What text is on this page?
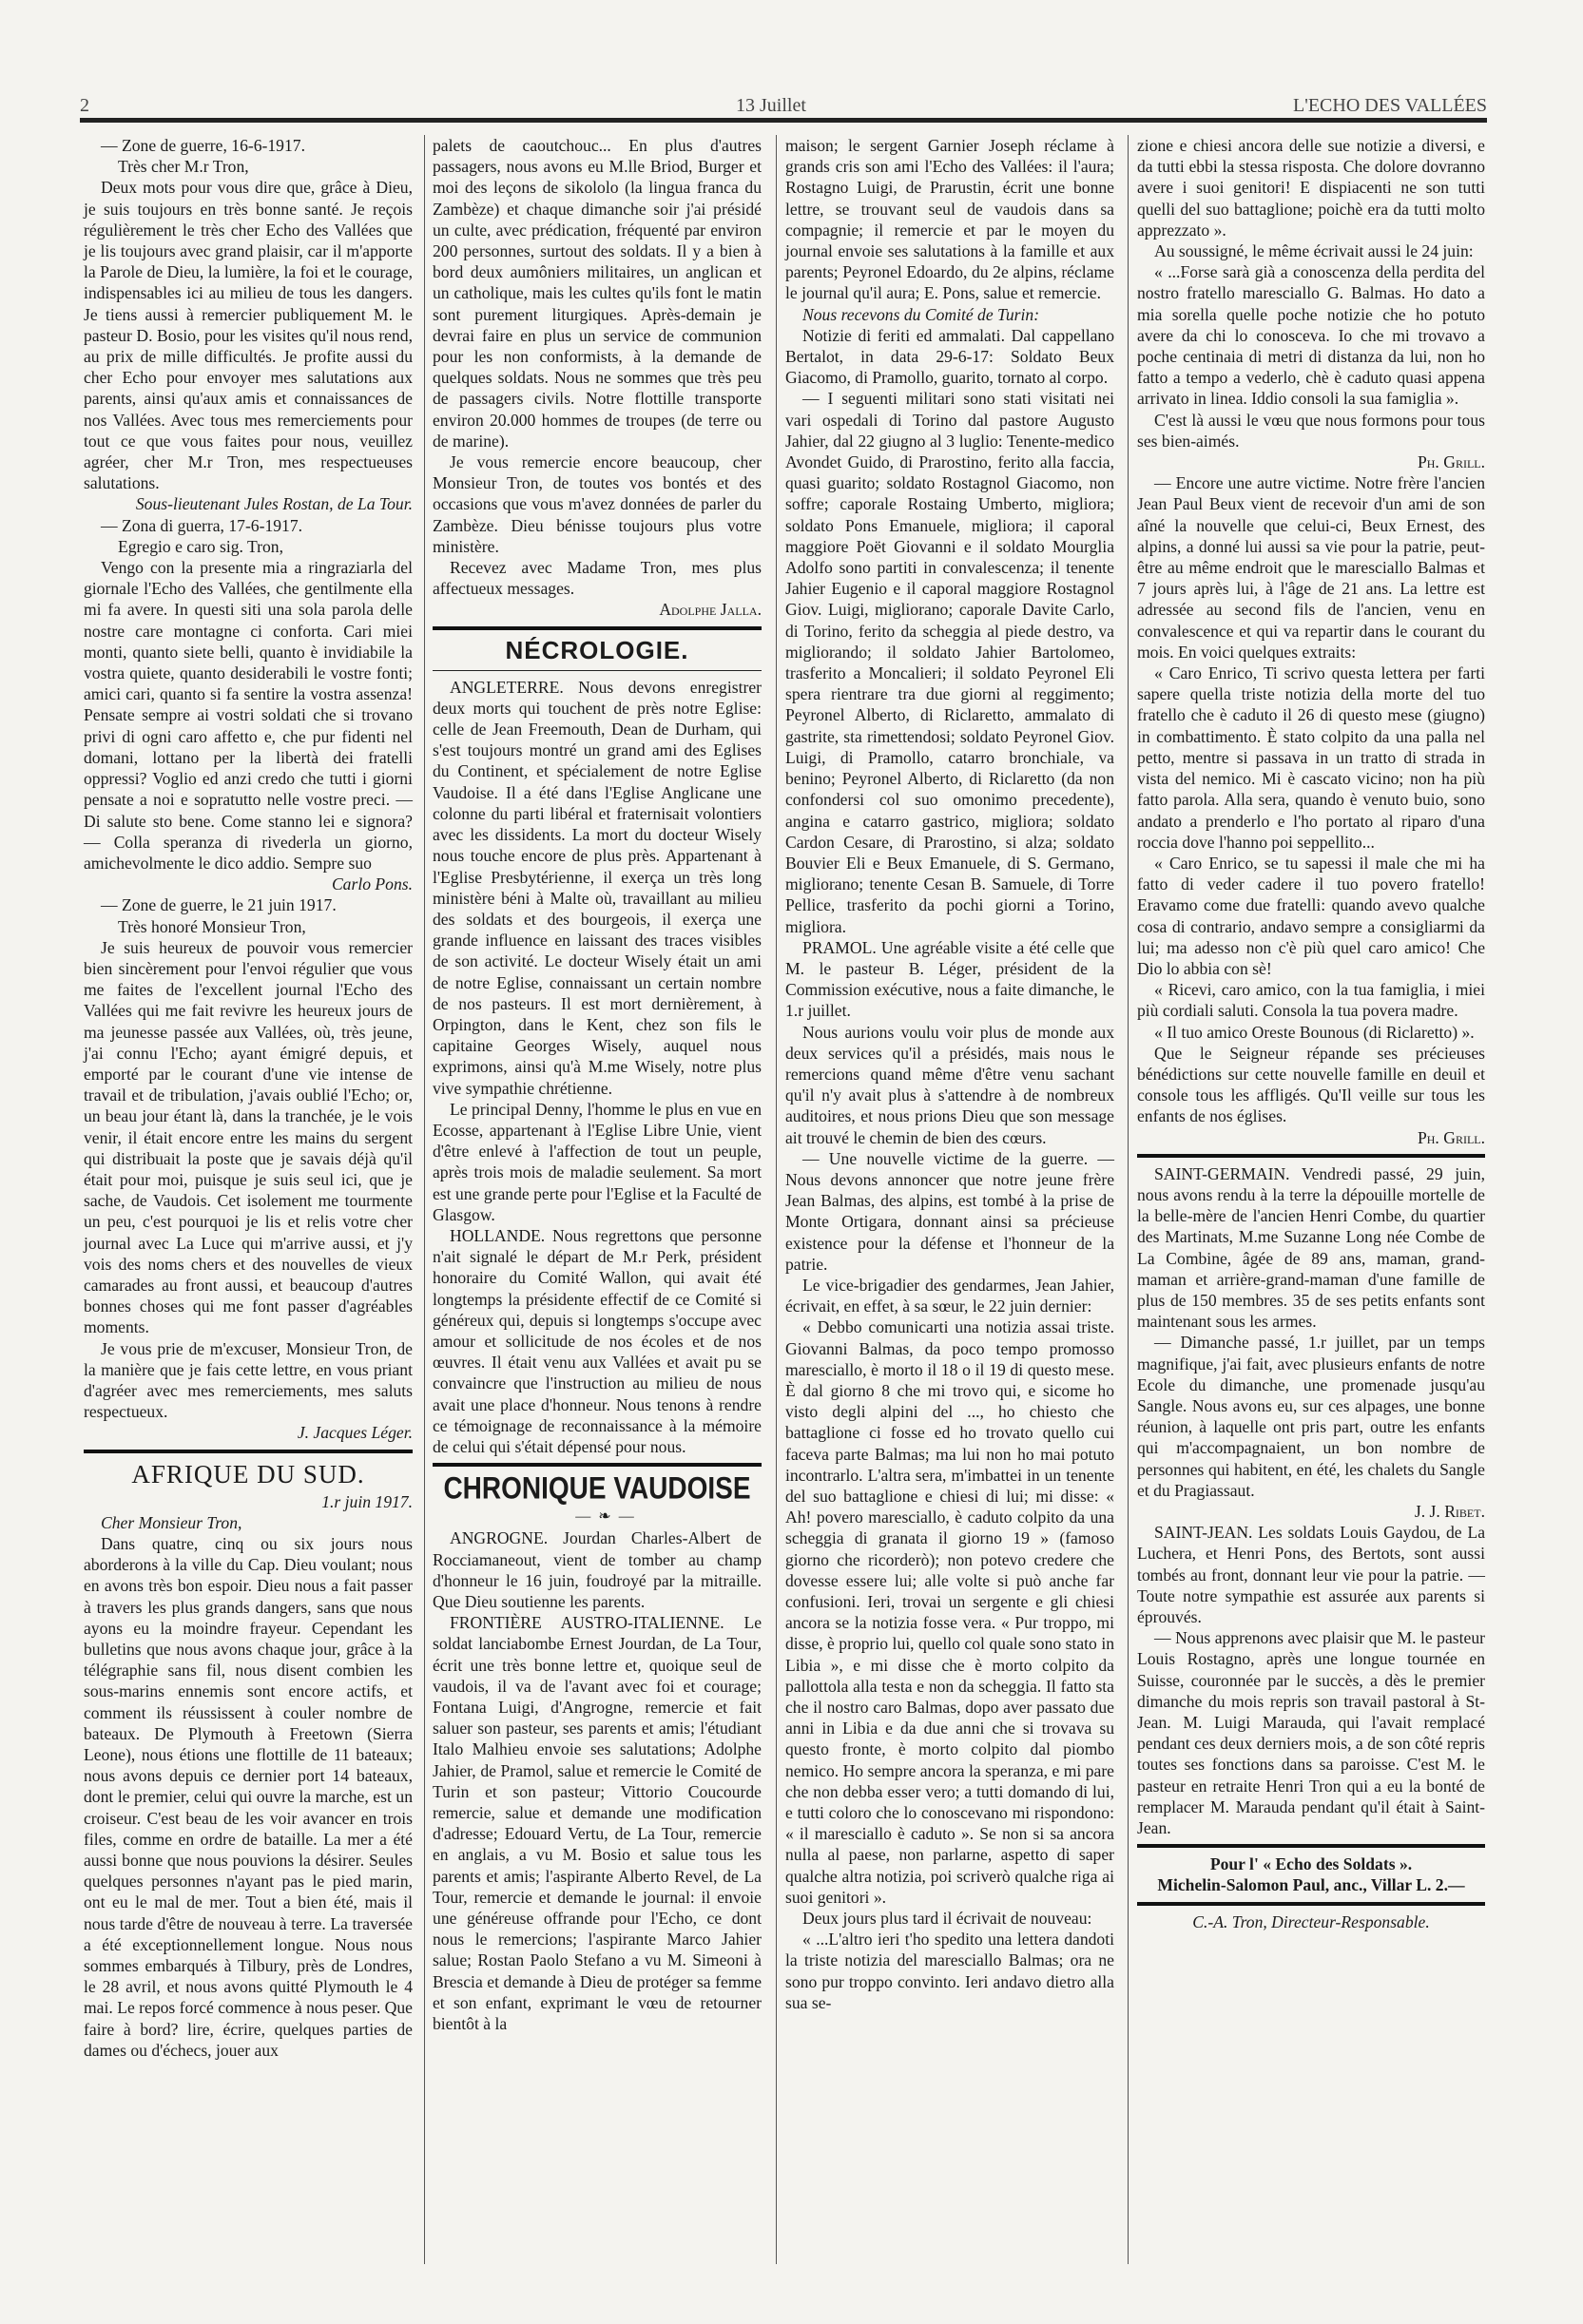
2	13 Juillet	L'ECHO DES VALLÉES

— Zone de guerre, 16-6-1917.

Très cher M.r Tron,

Deux mots pour vous dire que, grâce à Dieu, je suis toujours en très bonne santé. Je reçois régulièrement le très cher Echo des Vallées que je lis toujours avec grand plaisir, car il m'apporte la Parole de Dieu, la lumière, la foi et le courage, indispensables ici au milieu de tous les dangers. Je tiens aussi à remercier publiquement M. le pasteur D. Bosio, pour les visites qu'il nous rend, au prix de mille difficultés. Je profite aussi du cher Echo pour envoyer mes salutations aux parents, ainsi qu'aux amis et connaissances de nos Vallées. Avec tous mes remerciements pour tout ce que vous faites pour nous, veuillez agréer, cher M.r Tron, mes respectueuses salutations.

Sous-lieutenant Jules Rostan, de La Tour.

— Zona di guerra, 17-6-1917.

Egregio e caro sig. Tron,

Vengo con la presente mia a ringraziarla del giornale l'Echo des Vallées, che gentilmente ella mi fa avere. In questi siti una sola parola delle nostre care montagne ci conforta. Cari miei monti, quanto siete belli, quanto è invidiabile la vostra quiete, quanto desiderabili le vostre fonti; amici cari, quanto si fa sentire la vostra assenza! Pensate sempre ai vostri soldati che si trovano privi di ogni caro affetto e, che pur fidenti nel domani, lottano per la libertà dei fratelli oppressi? Voglio ed anzi credo che tutti i giorni pensate a noi e sopratutto nelle vostre preci. — Di salute sto bene. Come stanno lei e signora? — Colla speranza di rivederla un giorno, amichevolmente le dico addio. Sempre suo

Carlo Pons.

— Zone de guerre, le 21 juin 1917.

Très honoré Monsieur Tron,

Je suis heureux de pouvoir vous remercier bien sincèrement pour l'envoi régulier que vous me faites de l'excellent journal l'Echo des Vallées qui me fait revivre les heureux jours de ma jeunesse passée aux Vallées, où, très jeune, j'ai connu l'Echo; ayant émigré depuis, et emporté par le courant d'une vie intense de travail et de tribulation, j'avais oublié l'Echo; or, un beau jour étant là, dans la tranchée, je le vois venir, il était encore entre les mains du sergent qui distribuait la poste que je savais déjà qu'il était pour moi, puisque je suis seul ici, que je sache, de Vaudois. Cet isolement me tourmente un peu, c'est pourquoi je lis et relis votre cher journal avec La Luce qui m'arrive aussi, et j'y vois des noms chers et des nouvelles de vieux camarades au front aussi, et beaucoup d'autres bonnes choses qui me font passer d'agréables moments.

Je vous prie de m'excuser, Monsieur Tron, de la manière que je fais cette lettre, en vous priant d'agréer avec mes remerciements, mes saluts respectueux.

J. Jacques Léger.

AFRIQUE DU SUD.

1.r juin 1917.

Cher Monsieur Tron,

Dans quatre, cinq ou six jours nous aborderons à la ville du Cap. Dieu voulant; nous en avons très bon espoir. Dieu nous a fait passer à travers les plus grands dangers, sans que nous ayons eu la moindre frayeur. Cependant les bulletins que nous avons chaque jour, grâce à la télégraphie sans fil, nous disent combien les sous-marins ennemis sont encore actifs, et comment ils réussissent à couler nombre de bateaux. De Plymouth à Freetown (Sierra Leone), nous étions une flottille de 11 bateaux; nous avons depuis ce dernier port 14 bateaux, dont le premier, celui qui ouvre la marche, est un croiseur. C'est beau de les voir avancer en trois files, comme en ordre de bataille. La mer a été aussi bonne que nous pouvions la désirer. Seules quelques personnes n'ayant pas le pied marin, ont eu le mal de mer. Tout a bien été, mais il nous tarde d'être de nouveau à terre. La traversée a été exceptionnellement longue. Nous nous sommes embarqués à Tilbury, près de Londres, le 28 avril, et nous avons quitté Plymouth le 4 mai. Le repos forcé commence à nous peser. Que faire à bord? lire, écrire, quelques parties de dames ou d'échecs, jouer aux

palets de caoutchouc... En plus d'autres passagers, nous avons eu M.lle Briod, Burger et moi des leçons de sikololo (la lingua franca du Zambèze) et chaque dimanche soir j'ai présidé un culte, avec prédication, fréquenté par environ 200 personnes, surtout des soldats. Il y a bien à bord deux aumôniers militaires, un anglican et un catholique, mais les cultes qu'ils font le matin sont purement liturgiques. Après-demain je devrai faire en plus un service de communion pour les non conformists, à la demande de quelques soldats. Nous ne sommes que très peu de passagers civils. Notre flottille transporte environ 20.000 hommes de troupes (de terre ou de marine).

Je vous remercie encore beaucoup, cher Monsieur Tron, de toutes vos bontés et des occasions que vous m'avez données de parler du Zambèze. Dieu bénisse toujours plus votre ministère.

Recevez avec Madame Tron, mes plus affectueux messages.

Adolphe Jalla.

NÉCROLOGIE.

ANGLETERRE. Nous devons enregistrer deux morts qui touchent de près notre Eglise: celle de Jean Freemouth, Dean de Durham, qui s'est toujours montré un grand ami des Eglises du Continent, et spécialement de notre Eglise Vaudoise. Il a été dans l'Eglise Anglicane une colonne du parti libéral et fraternisait volontiers avec les dissidents. La mort du docteur Wisely nous touche encore de plus près. Appartenant à l'Eglise Presbytérienne, il exerça un très long ministère béni à Malte où, travaillant au milieu des soldats et des bourgeois, il exerça une grande influence en laissant des traces visibles de son activité. Le docteur Wisely était un ami de notre Eglise, connaissant un certain nombre de nos pasteurs. Il est mort dernièrement, à Orpington, dans le Kent, chez son fils le capitaine Georges Wisely, auquel nous exprimons, ainsi qu'à M.me Wisely, notre plus vive sympathie chrétienne.

Le principal Denny, l'homme le plus en vue en Ecosse, appartenant à l'Eglise Libre Unie, vient d'être enlevé à l'affection de tout un peuple, après trois mois de maladie seulement. Sa mort est une grande perte pour l'Eglise et la Faculté de Glasgow.

HOLLANDE. Nous regrettons que personne n'ait signalé le départ de M.r Perk, président honoraire du Comité Wallon, qui avait été longtemps la présidente effectif de ce Comité si généreux qui, depuis si longtemps s'occupe avec amour et sollicitude de nos écoles et de nos œuvres. Il était venu aux Vallées et avait pu se convaincre que l'instruction au milieu de nous avait une place d'honneur. Nous tenons à rendre ce témoignage de reconnaissance à la mémoire de celui qui s'était dépensé pour nous.

CHRONIQUE VAUDOISE

— ❧ —

ANGROGNE. Jourdan Charles-Albert de Rocciamaneout, vient de tomber au champ d'honneur le 16 juin, foudroyé par la mitraille. Que Dieu soutienne les parents.

FRONTIÈRE AUSTRO-ITALIENNE. Le soldat lanciabombe Ernest Jourdan, de La Tour, écrit une très bonne lettre et, quoique seul de vaudois, il va de l'avant avec foi et courage; Fontana Luigi, d'Angrogne, remercie et fait saluer son pasteur, ses parents et amis; l'étudiant Italo Malhieu envoie ses salutations; Adolphe Jahier, de Pramol, salue et remercie le Comité de Turin et son pasteur; Vittorio Coucourde remercie, salue et demande une modification d'adresse; Edouard Vertu, de La Tour, remercie en anglais, a vu M. Bosio et salue tous les parents et amis; l'aspirante Alberto Revel, de La Tour, remercie et demande le journal: il envoie une généreuse offrande pour l'Echo, ce dont nous le remercions; l'aspirante Marco Jahier salue; Rostan Paolo Stefano a vu M. Simeoni à Brescia et demande à Dieu de protéger sa femme et son enfant, exprimant le vœu de retourner bientôt à la

maison; le sergent Garnier Joseph réclame à grands cris son ami l'Echo des Vallées: il l'aura; Rostagno Luigi, de Prarustin, écrit une bonne lettre, se trouvant seul de vaudois dans sa compagnie; il remercie et par le moyen du journal envoie ses salutations à la famille et aux parents; Peyronel Edoardo, du 2e alpins, réclame le journal qu'il aura; E. Pons, salue et remercie.

Nous recevons du Comité de Turin:

Notizie di feriti ed ammalati. Dal cappellano Bertalot, in data 29-6-17: Soldato Beux Giacomo, di Pramollo, guarito, tornato al corpo.

— I seguenti militari sono stati visitati nei vari ospedali di Torino dal pastore Augusto Jahier, dal 22 giugno al 3 luglio: Tenente-medico Avondet Guido, di Prarostino, ferito alla faccia, quasi guarito; soldato Rostagnol Giacomo, non soffre; caporale Rostaing Umberto, migliora; soldato Pons Emanuele, migliora; il caporal maggiore Poët Giovanni e il soldato Mourglia Adolfo sono partiti in convalescenza; il tenente Jahier Eugenio e il caporal maggiore Rostagnol Giov. Luigi, migliorano; caporale Davite Carlo, di Torino, ferito da scheggia al piede destro, va migliorando; il soldato Jahier Bartolomeo, trasferito a Moncalieri; il soldato Peyronel Eli spera rientrare tra due giorni al reggimento; Peyronel Alberto, di Riclaretto, ammalato di gastrite, sta rimettendosi; soldato Peyronel Giov. Luigi, di Pramollo, catarro bronchiale, va benino; Peyronel Alberto, di Riclaretto (da non confondersi col suo omonimo precedente), angina e catarro gastrico, migliora; soldato Cardon Cesare, di Prarostino, si alza; soldato Bouvier Eli e Beux Emanuele, di S. Germano, migliorano; tenente Cesan B. Samuele, di Torre Pellice, trasferito da pochi giorni a Torino, migliora.

PRAMOL. Une agréable visite a été celle que M. le pasteur B. Léger, président de la Commission exécutive, nous a faite dimanche, le 1.r juillet.

Nous aurions voulu voir plus de monde aux deux services qu'il a présidés, mais nous le remercions quand même d'être venu sachant qu'il n'y avait plus à s'attendre à de nombreux auditoires, et nous prions Dieu que son message ait trouvé le chemin de bien des cœurs.

— Une nouvelle victime de la guerre. — Nous devons annoncer que notre jeune frère Jean Balmas, des alpins, est tombé à la prise de Monte Ortigara, donnant ainsi sa précieuse existence pour la défense et l'honneur de la patrie.

Le vice-brigadier des gendarmes, Jean Jahier, écrivait, en effet, à sa sœur, le 22 juin dernier:

« Debbo comunicarti una notizia assai triste. Giovanni Balmas, da poco tempo promosso maresciallo, è morto il 18 o il 19 di questo mese. È dal giorno 8 che mi trovo qui, e sicome ho visto degli alpini del ..., ho chiesto che battaglione ci fosse ed ho trovato quello cui faceva parte Balmas; ma lui non ho mai potuto incontrarlo. L'altra sera, m'imbattei in un tenente del suo battaglione e chiesi di lui; mi disse: « Ah! povero maresciallo, è caduto colpito da una scheggia di granata il giorno 19 » (famoso giorno che ricorderò); non potevo credere che dovesse essere lui; alle volte si può anche far confusioni. Ieri, trovai un sergente e gli chiesi ancora se la notizia fosse vera. « Pur troppo, mi disse, è proprio lui, quello col quale sono stato in Libia », e mi disse che è morto colpito da pallottola alla testa e non da scheggia. Il fatto sta che il nostro caro Balmas, dopo aver passato due anni in Libia e da due anni che si trovava su questo fronte, è morto colpito dal piombo nemico. Ho sempre ancora la speranza, e mi pare che non debba esser vero; a tutti domando di lui, e tutti coloro che lo conoscevano mi rispondono: « il maresciallo è caduto ». Se non si sa ancora nulla al paese, non parlarne, aspetto di saper qualche altra notizia, poi scriverò qualche riga ai suoi genitori ».

Deux jours plus tard il écrivait de nouveau:

« ...L'altro ieri t'ho spedito una lettera dandoti la triste notizia del maresciallo Balmas; ora ne sono pur troppo convinto. Ieri andavo dietro alla sua se-

zione e chiesi ancora delle sue notizie a diversi, e da tutti ebbi la stessa risposta. Che dolore dovranno avere i suoi genitori! E dispiacenti ne son tutti quelli del suo battaglione; poichè era da tutti molto apprezzato ».

Au soussigné, le même écrivait aussi le 24 juin:

« ...Forse sarà già a conoscenza della perdita del nostro fratello maresciallo G. Balmas. Ho dato a mia sorella quelle poche notizie che ho potuto avere da chi lo conosceva. Io che mi trovavo a poche centinaia di metri di distanza da lui, non ho fatto a tempo a vederlo, chè è caduto quasi appena arrivato in linea. Iddio consoli la sua famiglia ».

C'est là aussi le vœu que nous formons pour tous ses bien-aimés.

Ph. Grill.

— Encore une autre victime. Notre frère l'ancien Jean Paul Beux vient de recevoir d'un ami de son aîné la nouvelle que celui-ci, Beux Ernest, des alpins, a donné lui aussi sa vie pour la patrie, peut-être au même endroit que le maresciallo Balmas et 7 jours après lui, à l'âge de 21 ans. La lettre est adressée au second fils de l'ancien, venu en convalescence et qui va repartir dans le courant du mois. En voici quelques extraits:

« Caro Enrico, Ti scrivo questa lettera per farti sapere quella triste notizia della morte del tuo fratello che è caduto il 26 di questo mese (giugno) in combattimento. È stato colpito da una palla nel petto, mentre si passava in un tratto di strada in vista del nemico. Mi è cascato vicino; non ha più fatto parola. Alla sera, quando è venuto buio, sono andato a prenderlo e l'ho portato al riparo d'una roccia dove l'hanno poi seppellito...

« Caro Enrico, se tu sapessi il male che mi ha fatto di veder cadere il tuo povero fratello! Eravamo come due fratelli: quando avevo qualche cosa di contrario, andavo sempre a consigliarmi da lui; ma adesso non c'è più quel caro amico! Che Dio lo abbia con sè!

« Ricevi, caro amico, con la tua famiglia, i miei più cordiali saluti. Consola la tua povera madre.

« Il tuo amico Oreste Bounous (di Riclaretto) ».

Que le Seigneur répande ses précieuses bénédictions sur cette nouvelle famille en deuil et console tous les affligés. Qu'Il veille sur tous les enfants de nos églises.

Ph. Grill.

SAINT-GERMAIN. Vendredi passé, 29 juin, nous avons rendu à la terre la dépouille mortelle de la belle-mère de l'ancien Henri Combe, du quartier des Martinats, M.me Suzanne Long née Combe de La Combine, âgée de 89 ans, maman, grand-maman et arrière-grand-maman d'une famille de plus de 150 membres. 35 de ses petits enfants sont maintenant sous les armes.

— Dimanche passé, 1.r juillet, par un temps magnifique, j'ai fait, avec plusieurs enfants de notre Ecole du dimanche, une promenade jusqu'au Sangle. Nous avons eu, sur ces alpages, une bonne réunion, à laquelle ont pris part, outre les enfants qui m'accompagnaient, un bon nombre de personnes qui habitent, en été, les chalets du Sangle et du Pragiassaut.

J. J. Ribet.

SAINT-JEAN. Les soldats Louis Gaydou, de La Luchera, et Henri Pons, des Bertots, sont aussi tombés au front, donnant leur vie pour la patrie. — Toute notre sympathie est assurée aux parents si éprouvés.

— Nous apprenons avec plaisir que M. le pasteur Louis Rostagno, après une longue tournée en Suisse, couronnée par le succès, a dès le premier dimanche du mois repris son travail pastoral à St-Jean. M. Luigi Marauda, qui l'avait remplacé pendant ces deux derniers mois, a de son côté repris toutes ses fonctions dans sa paroisse. C'est M. le pasteur en retraite Henri Tron qui a eu la bonté de remplacer M. Marauda pendant qu'il était à Saint-Jean.

Pour l' « Echo des Soldats ».

Michelin-Salomon Paul, anc., Villar L. 2.—

C.-A. Tron, Directeur-Responsable.
